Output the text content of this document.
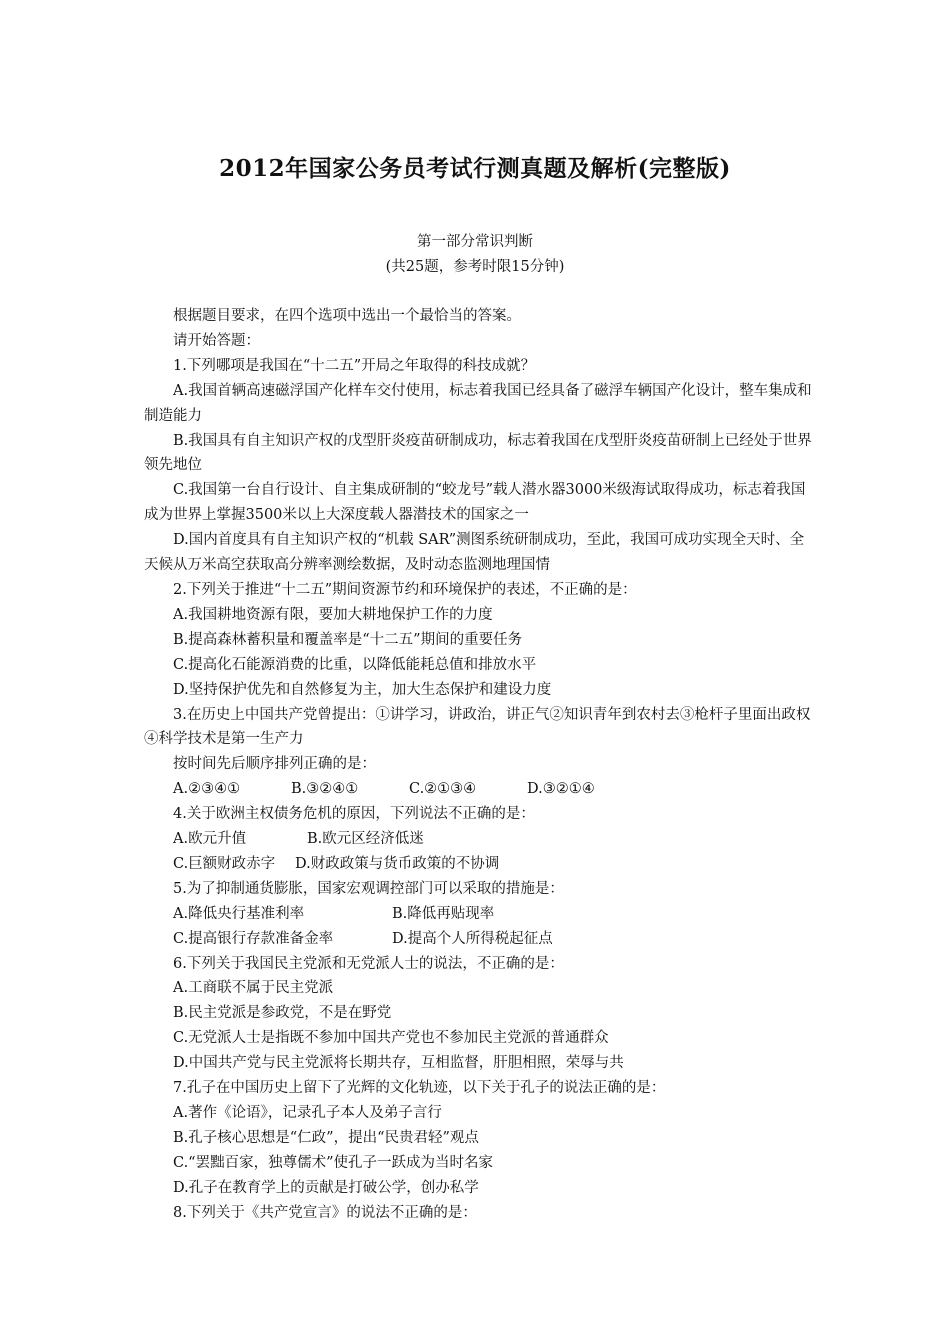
2012年国家公务员考试行测真题及解析(完整版)
第一部分常识判断
(共25题，参考时限15分钟)

根据题目要求，在四个选项中选出一个最恰当的答案。

请开始答题：

1.下列哪项是我国在“十二五”开局之年取得的科技成就？

A.我国首辆高速磁浮国产化样车交付使用，标志着我国已经具备了磁浮车辆国产化设计，整车集成和制造能力

B.我国具有自主知识产权的戊型肝炎疫苗研制成功，标志着我国在戊型肝炎疫苗研制上已经处于世界领先地位

C.我国第一台自行设计、自主集成研制的“蛟龙号”载人潜水器3000米级海试取得成功，标志着我国成为世界上掌握3500米以上大深度载人器潜技术的国家之一

D.国内首度具有自主知识产权的“机载 SAR”测图系统研制成功，至此，我国可成功实现全天时、全天候从万米高空获取高分辨率测绘数据，及时动态监测地理国情

2.下列关于推进“十二五”期间资源节约和环境保护的表述，不正确的是：

A.我国耕地资源有限，要加大耕地保护工作的力度

B.提高森林蓄积量和覆盖率是“十二五”期间的重要任务

C.提高化石能源消费的比重，以降低能耗总值和排放水平

D.坚持保护优先和自然修复为主，加大生态保护和建设力度

3.在历史上中国共产党曾提出：①讲学习，讲政治，讲正气②知识青年到农村去③枪杆子里面出政权④科学技术是第一生产力

按时间先后顺序排列正确的是：

A.②③④①	B.③②④①	C.②①③④	D.③②①④

4.关于欧洲主权债务危机的原因，下列说法不正确的是：

A.欧元升值	B.欧元区经济低迷
C.巨额财政赤字	D.财政政策与货币政策的不协调

5.为了抑制通货膨胀，国家宏观调控部门可以采取的措施是：

A.降低央行基准利率	B.降低再贴现率
C.提高银行存款准备金率	D.提高个人所得税起征点

6.下列关于我国民主党派和无党派人士的说法，不正确的是：

A.工商联不属于民主党派

B.民主党派是参政党，不是在野党

C.无党派人士是指既不参加中国共产党也不参加民主党派的普通群众

D.中国共产党与民主党派将长期共存，互相监督，肝胆相照，荣辱与共

7.孔子在中国历史上留下了光辉的文化轨迹，以下关于孔子的说法正确的是：

A.著作《论语》，记录孔子本人及弟子言行

B.孔子核心思想是“仁政”，提出“民贵君轻”观点

C.“罢黜百家，独尊儒术”使孔子一跃成为当时名家

D.孔子在教育学上的贡献是打破公学，创办私学

8.下列关于《共产党宣言》的说法不正确的是：
